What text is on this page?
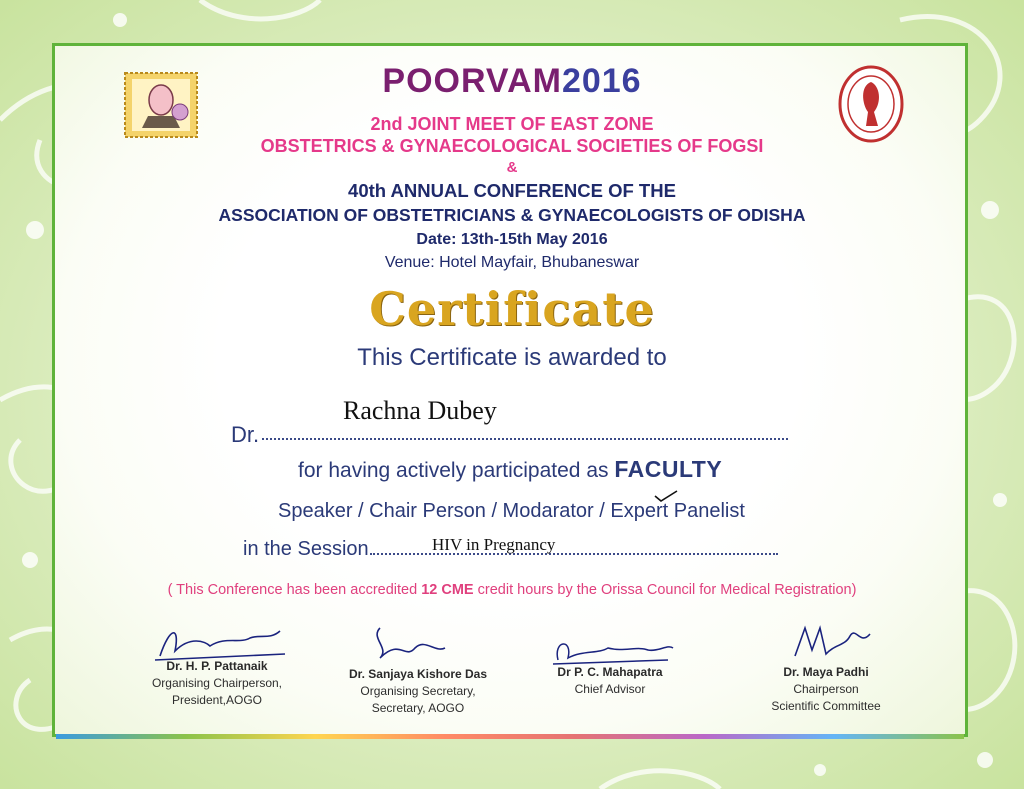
POORVAM2016
2nd JOINT MEET OF EAST ZONE
OBSTETRICS & GYNAECOLOGICAL SOCIETIES OF FOGSI
&
40th ANNUAL CONFERENCE OF THE
ASSOCIATION OF OBSTETRICIANS & GYNAECOLOGISTS OF ODISHA
Date: 13th-15th May 2016
Venue: Hotel Mayfair, Bhubaneswar
Certificate
This Certificate is awarded to
Dr.
Rachna Dubey
for having actively participated as FACULTY
Speaker / Chair Person / Modarator / Expert Panelist
in the Session	HIV in Pregnancy
( This Conference has been accredited 12 CME credit hours by the Orissa Council for Medical Registration)
Dr. H. P. Pattanaik
Organising Chairperson,
President,AOGO
Dr. Sanjaya Kishore Das
Organising Secretary,
Secretary, AOGO
Dr P. C. Mahapatra
Chief Advisor
Dr. Maya Padhi
Chairperson
Scientific Committee
